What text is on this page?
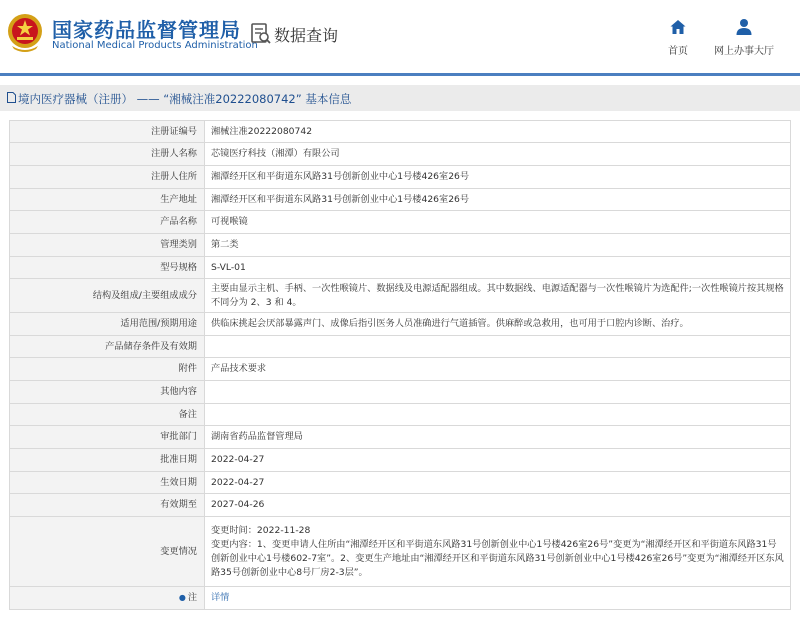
国家药品监督管理局
National Medical Products Administration
数据查询
首页	网上办事大厅
境内医疗器械（注册） —— “湘械注准20222080742” 基本信息
注册证编号	湘械注准20222080742
注册人名称	芯镜医疗科技（湘潭）有限公司
注册人住所	湘潭经开区和平街道东风路31号创新创业中心1号楼426室26号
生产地址	湘潭经开区和平街道东风路31号创新创业中心1号楼426室26号
产品名称	可视喉镜
管理类别	第二类
型号规格	S-VL-01
结构及组成/主要组成成分	主要由显示主机、手柄、一次性喉镜片、数据线及电源适配器组成。其中数据线、电源适配器与一次性喉镜片为选配件;一次性喉镜片按其规格不同分为 2、3 和 4。
适用范围/预期用途	供临床挑起会厌部暴露声门、成像后指引医务人员准确进行气道插管。供麻醉或急救用，也可用于口腔内诊断、治疗。
产品储存条件及有效期	
附件	产品技术要求
其他内容	
备注	
审批部门	湖南省药品监督管理局
批准日期	2022-04-27
生效日期	2022-04-27
有效期至	2027-04-26
变更情况	变更时间：2022-11-28
变更内容：1、变更申请人住所由“湘潭经开区和平街道东风路31号创新创业中心1号楼426室26号”变更为“湘潭经开区和平街道东风路31号创新创业中心1号楼602-7室”。2、变更生产地址由“湘潭经开区和平街道东风路31号创新创业中心1号楼426室26号”变更为“湘潭经开区东风路35号创新创业中心8号厂房2-3层”。

● 注	详情
